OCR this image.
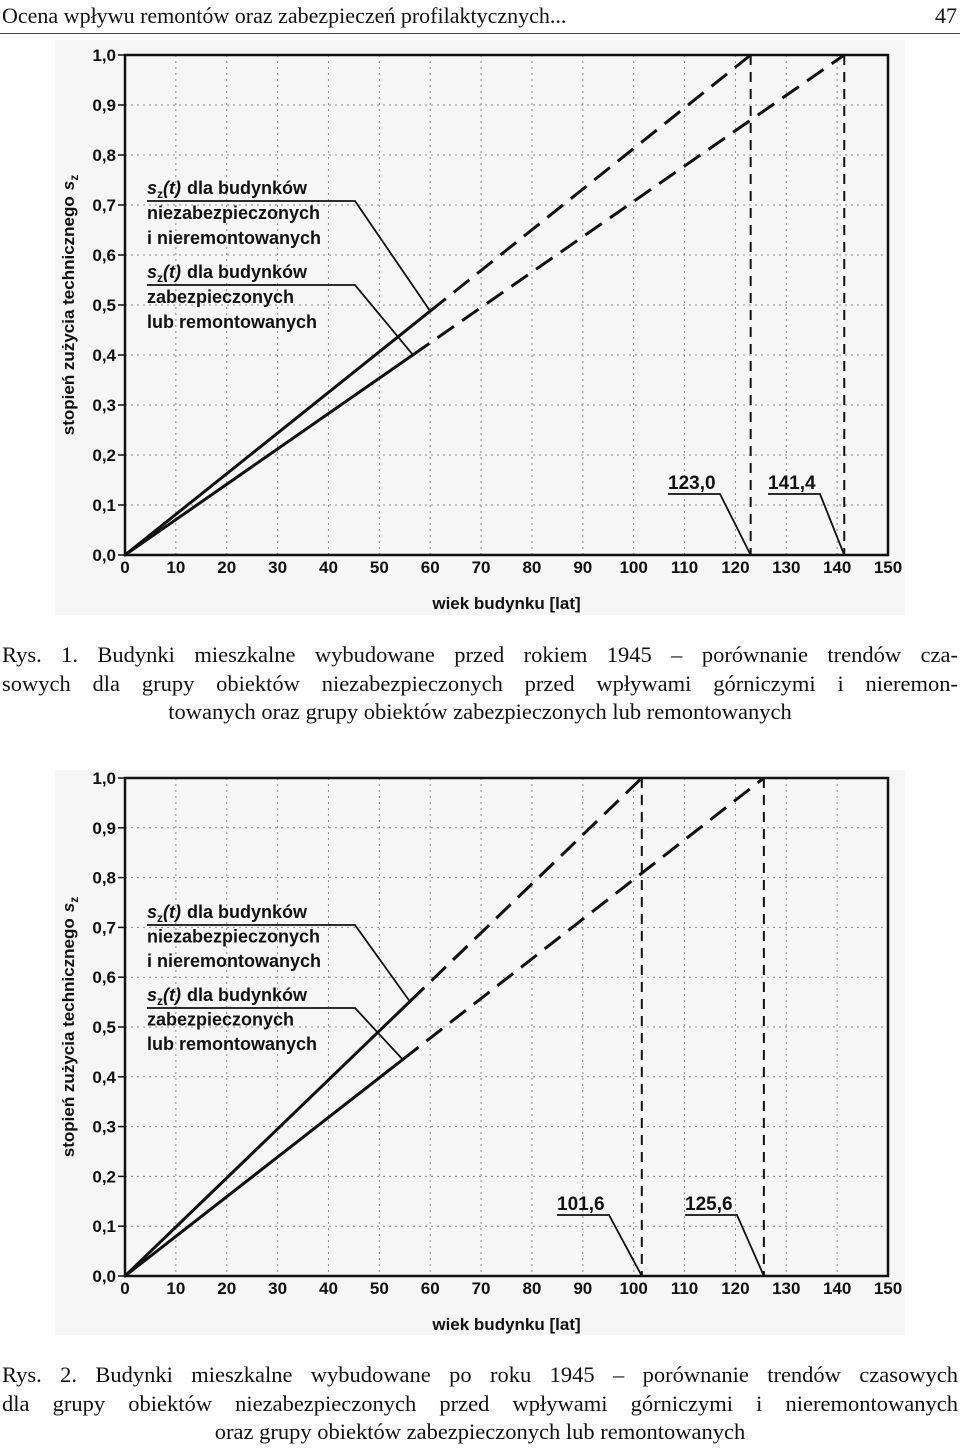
Ocena wpływu remontów oraz zabezpieczeń profilaktycznych...	47
0,0
0,1
0,2
0,3
0,4
0,5
0,6
0,7
0,8
0,9
1,0
0 10 20 30 40 50 60 70 80 90 100 110 120 130 140 150
wiek budynku [lat]
stopień zużycia technicznegos$_z$
$s_z(t)$ dla budynków
niezabezpieczonych
i nieremontowanych
123,0
$s_z(t)$ dla budynków
zabezpieczonych
lub remontowanych
141,4
Rys. 1. Budynki mieszkalne wybudowane przed rokiem 1945 – porównanie trendów cza-
sowych dla grupy obiektów niezabezpieczonych przed wpływami górniczymi i nieremon-
towanych oraz grupy obiektów zabezpieczonych lub remontowanych
0,0
0,1
0,2
0,3
0,4
0,5
0,6
0,7
0,8
0,9
1,0
0 10 20 30 40 50 60 70 80 90 100 110 120 130 140 150
wiek budynku [lat]
stopień zużycia technicznegos$_z$
$s_z(t)$ dla budynków
niezabezpieczonych
i nieremontowanych
101,6
$s_z(t)$ dla budynków
zabezpieczonych
lub remontowanych
125,6
Rys. 2. Budynki mieszkalne wybudowane po roku 1945 – porównanie trendów czasowych
dla grupy obiektów niezabezpieczonych przed wpływami górniczymi i nieremontowanych
oraz grupy obiektów zabezpieczonych lub remontowanych
